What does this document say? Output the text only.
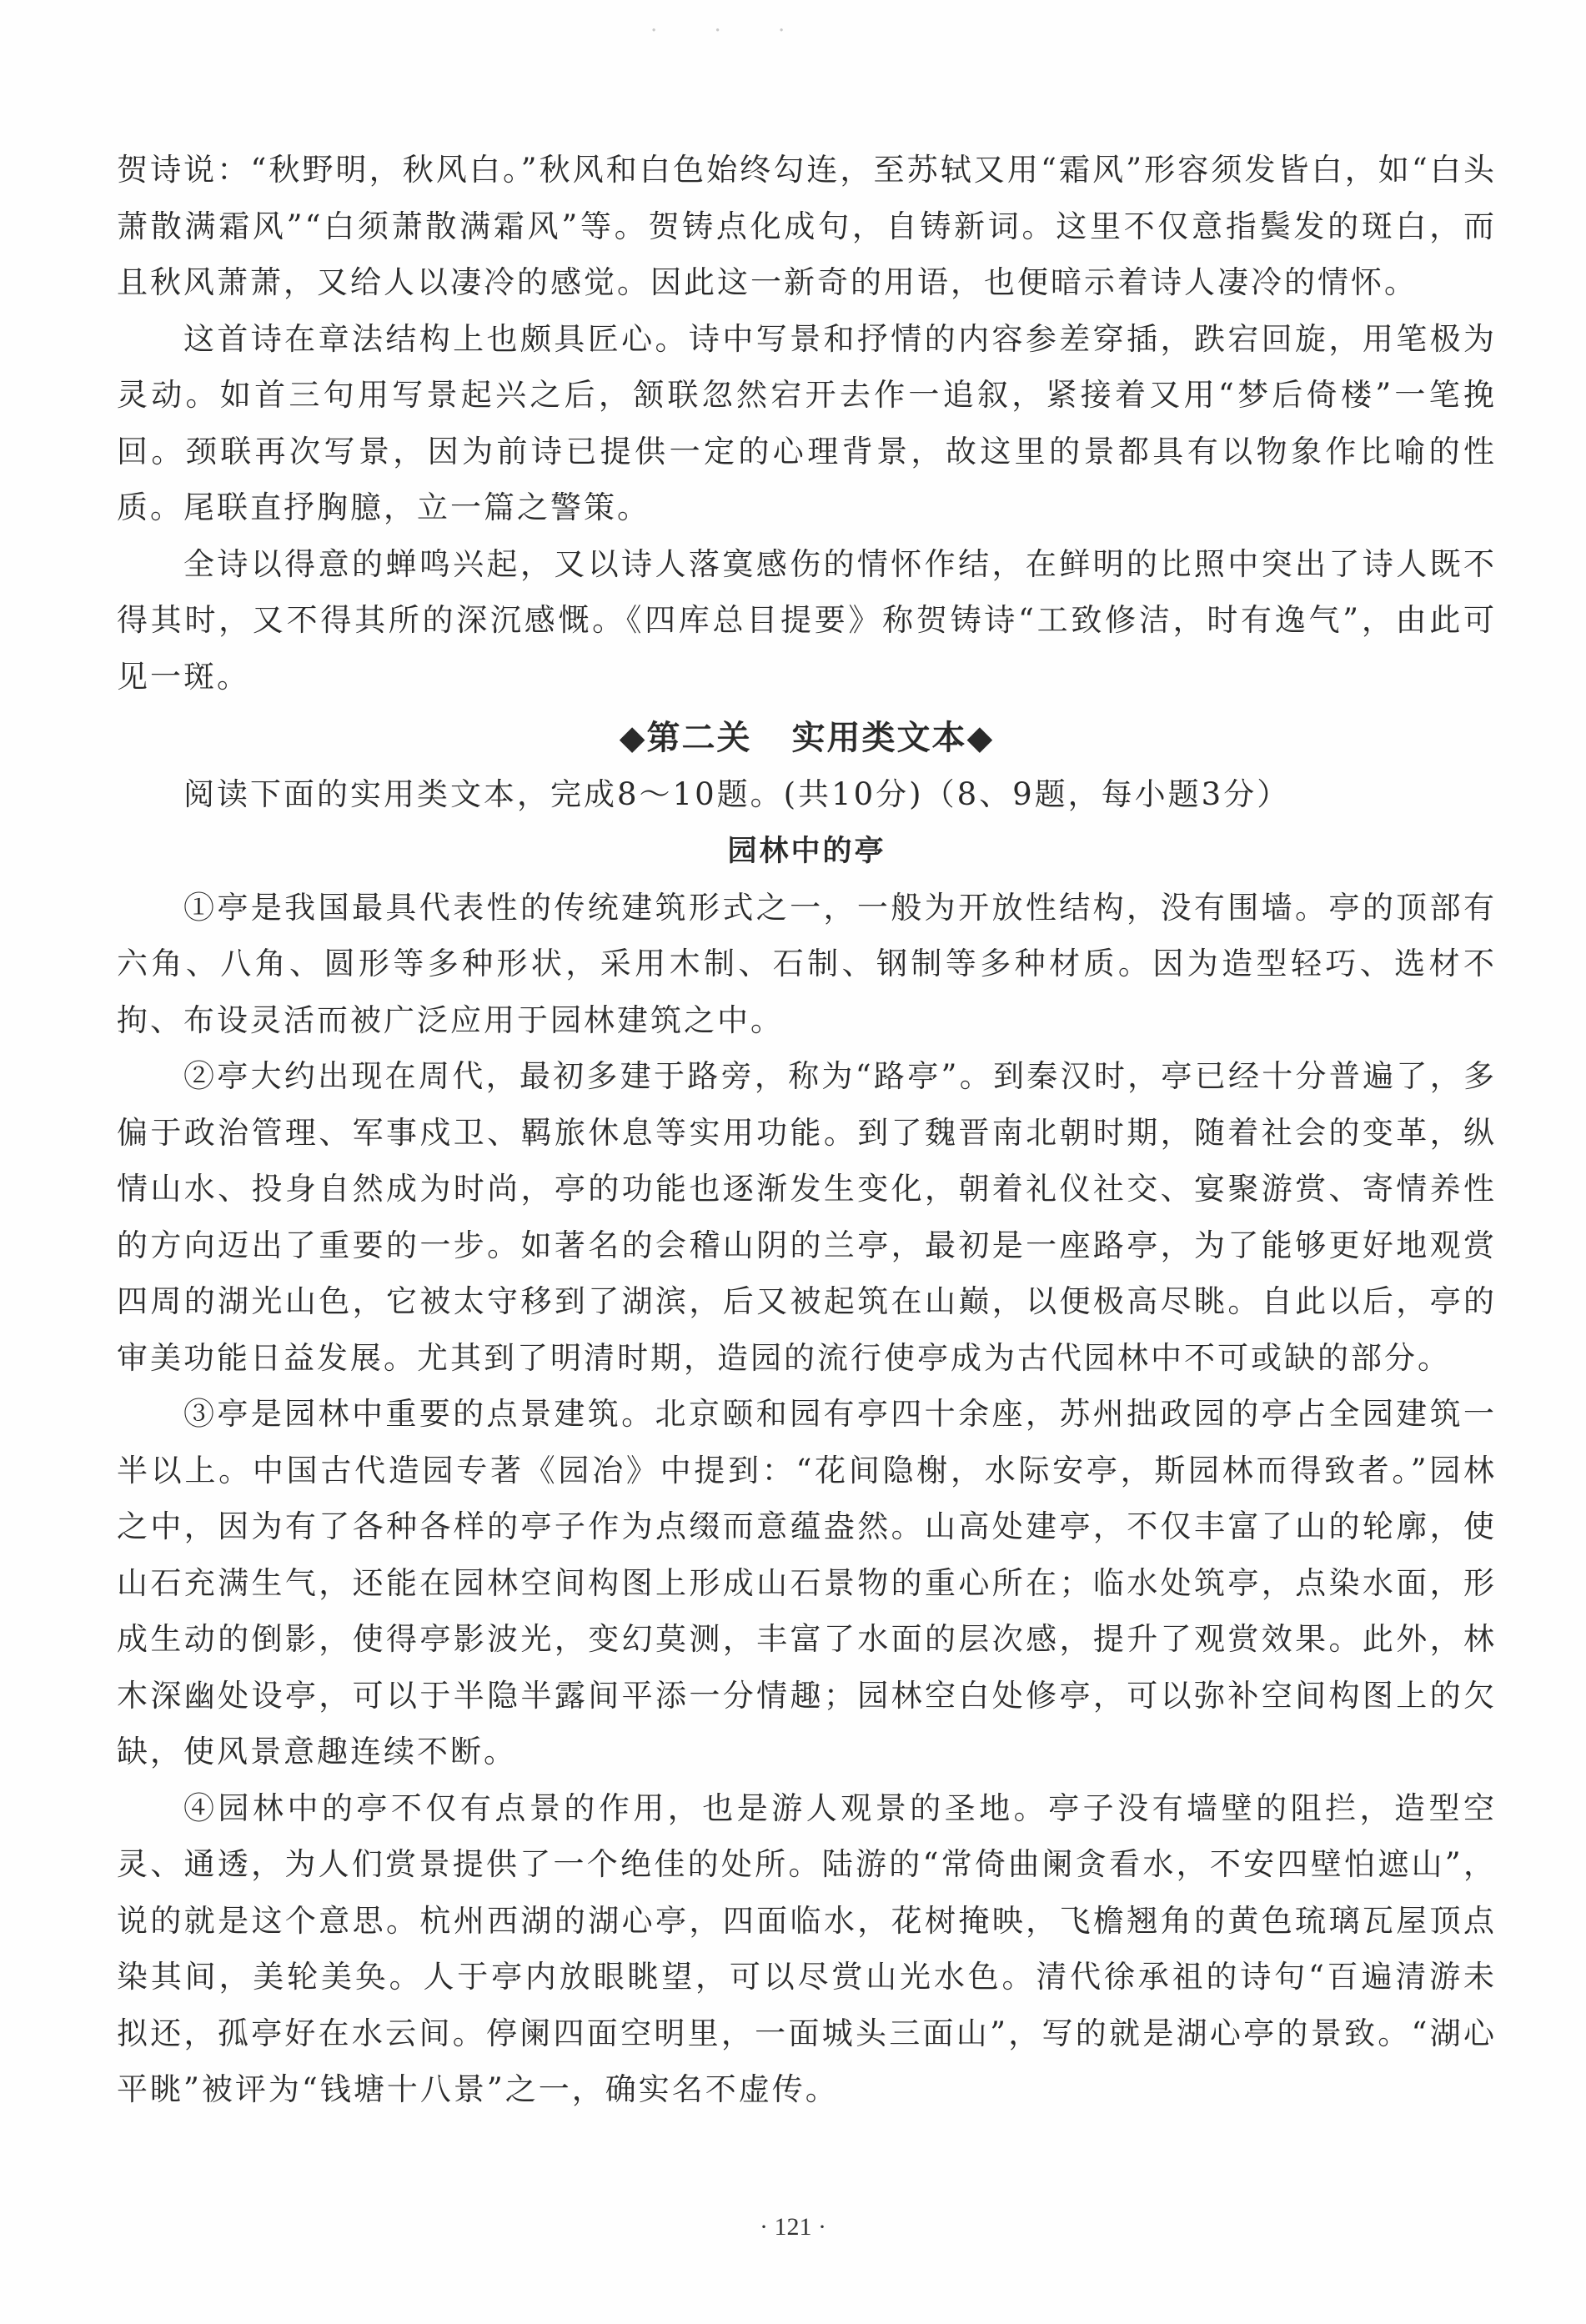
· · ·

贺诗说：“秋野明，秋风白。”秋风和白色始终勾连，至苏轼又用“霜风”形容须发皆白，如“白头萧散满霜风”“白须萧散满霜风”等。贺铸点化成句，自铸新词。这里不仅意指鬓发的斑白，而且秋风萧萧，又给人以凄冷的感觉。因此这一新奇的用语，也便暗示着诗人凄冷的情怀。

这首诗在章法结构上也颇具匠心。诗中写景和抒情的内容参差穿插，跌宕回旋，用笔极为灵动。如首三句用写景起兴之后，颔联忽然宕开去作一追叙，紧接着又用“梦后倚楼”一笔挽回。颈联再次写景，因为前诗已提供一定的心理背景，故这里的景都具有以物象作比喻的性质。尾联直抒胸臆，立一篇之警策。

全诗以得意的蝉鸣兴起，又以诗人落寞感伤的情怀作结，在鲜明的比照中突出了诗人既不得其时，又不得其所的深沉感慨。《四库总目提要》称贺铸诗“工致修洁，时有逸气”，由此可见一斑。

◆第二关 实用类文本◆

阅读下面的实用类文本，完成8～10题。(共10分)（8、9题，每小题3分）

园林中的亭

①亭是我国最具代表性的传统建筑形式之一，一般为开放性结构，没有围墙。亭的顶部有六角、八角、圆形等多种形状，采用木制、石制、钢制等多种材质。因为造型轻巧、选材不拘、布设灵活而被广泛应用于园林建筑之中。

②亭大约出现在周代，最初多建于路旁，称为“路亭”。到秦汉时，亭已经十分普遍了，多偏于政治管理、军事戍卫、羁旅休息等实用功能。到了魏晋南北朝时期，随着社会的变革，纵情山水、投身自然成为时尚，亭的功能也逐渐发生变化，朝着礼仪社交、宴聚游赏、寄情养性的方向迈出了重要的一步。如著名的会稽山阴的兰亭，最初是一座路亭，为了能够更好地观赏四周的湖光山色，它被太守移到了湖滨，后又被起筑在山巅，以便极高尽眺。自此以后，亭的审美功能日益发展。尤其到了明清时期，造园的流行使亭成为古代园林中不可或缺的部分。

③亭是园林中重要的点景建筑。北京颐和园有亭四十余座，苏州拙政园的亭占全园建筑一半以上。中国古代造园专著《园冶》中提到：“花间隐榭，水际安亭，斯园林而得致者。”园林之中，因为有了各种各样的亭子作为点缀而意蕴盎然。山高处建亭，不仅丰富了山的轮廓，使山石充满生气，还能在园林空间构图上形成山石景物的重心所在；临水处筑亭，点染水面，形成生动的倒影，使得亭影波光，变幻莫测，丰富了水面的层次感，提升了观赏效果。此外，林木深幽处设亭，可以于半隐半露间平添一分情趣；园林空白处修亭，可以弥补空间构图上的欠缺，使风景意趣连续不断。

④园林中的亭不仅有点景的作用，也是游人观景的圣地。亭子没有墙壁的阻拦，造型空灵、通透，为人们赏景提供了一个绝佳的处所。陆游的“常倚曲阑贪看水，不安四壁怕遮山”，说的就是这个意思。杭州西湖的湖心亭，四面临水，花树掩映，飞檐翘角的黄色琉璃瓦屋顶点染其间，美轮美奂。人于亭内放眼眺望，可以尽赏山光水色。清代徐承祖的诗句“百遍清游未拟还，孤亭好在水云间。停阑四面空明里，一面城头三面山”，写的就是湖心亭的景致。“湖心平眺”被评为“钱塘十八景”之一，确实名不虚传。

· 121 ·
